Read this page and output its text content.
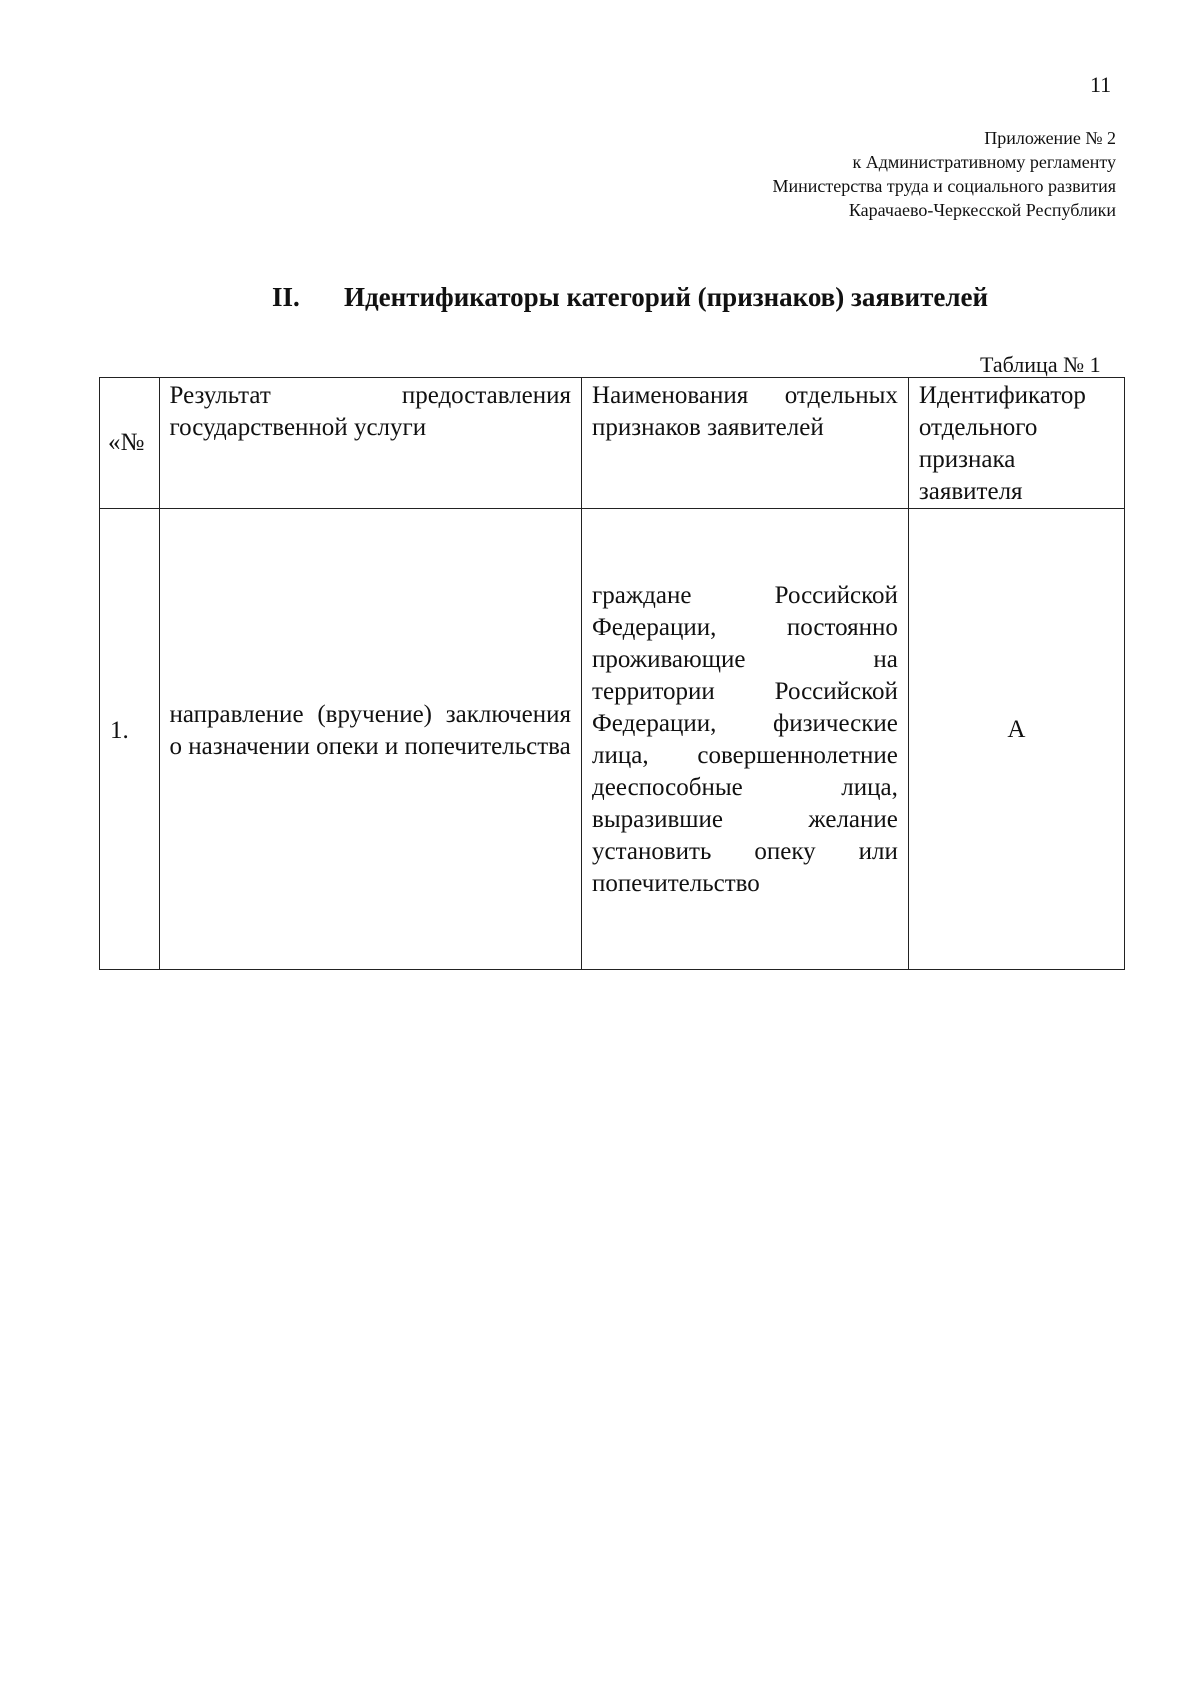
11
Приложение № 2
к Административному регламенту
Министерства труда и социального развития
Карачаево-Черкесской Республики
II. Идентификаторы категорий (признаков) заявителей
Таблица № 1
«№	Результат предоставления государственной услуги	Наименования отдельных признаков заявителей	Идентификатор отдельного признака заявителя

1.	направление (вручение) заключения о назначении опеки и попечительства	граждане Российской Федерации, постоянно проживающие на территории Российской Федерации, физические лица, совершеннолетние дееспособные лица, выразившие желание установить опеку или попечительство	А
